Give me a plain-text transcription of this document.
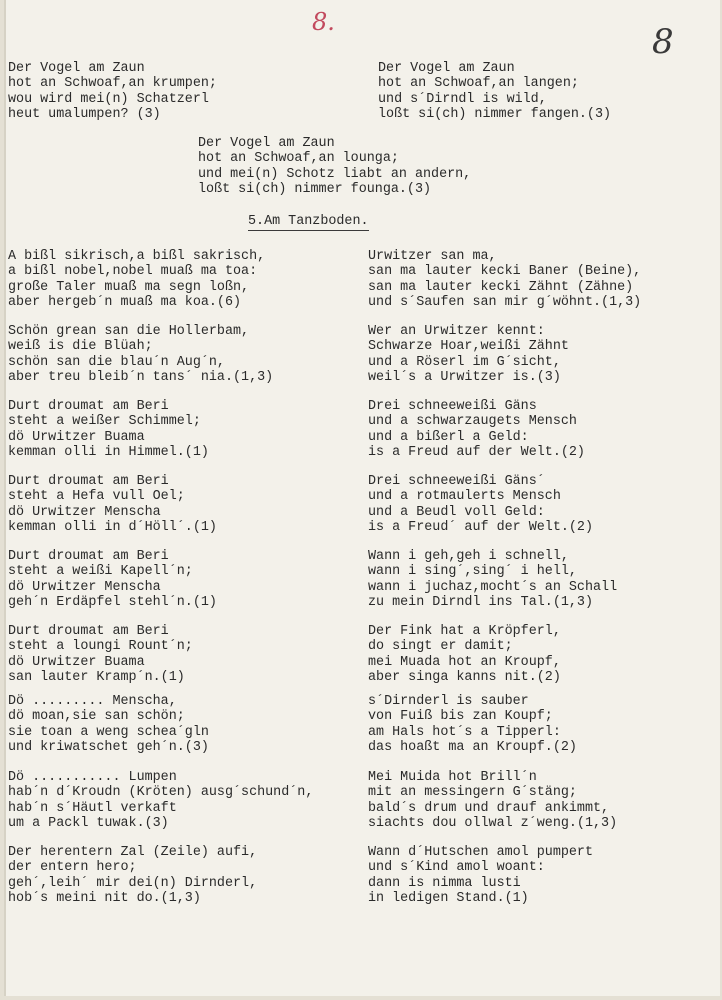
8.	8
Der Vogel am Zaun
hot an Schwoaf,an krumpen;
wou wird mei(n) Schatzerl
heut umalumpen? (3)
Der Vogel am Zaun
hot an Schwoaf,an langen;
und s´Dirndl is wild,
loßt si(ch) nimmer fangen.(3)
Der Vogel am Zaun
hot an Schwoaf,an lounga;
und mei(n) Schotz liabt an andern,
loßt si(ch) nimmer founga.(3)
5.Am Tanzboden.
A bißl sikrisch,a bißl sakrisch,
a bißl nobel,nobel muaß ma toa:
große Taler muaß ma segn loßn,
aber hergeb´n muaß ma koa.(6)
Schön grean san die Hollerbam,
weiß is die Blüah;
schön san die blau´n Aug´n,
aber treu bleib´n tans´ nia.(1,3)
Durt droumat am Beri
steht a weißer Schimmel;
dö Urwitzer Buama
kemman olli in Himmel.(1)
Durt droumat am Beri
steht a Hefa vull Oel;
dö Urwitzer Menscha
kemman olli in d´Höll´.(1)
Durt droumat am Beri
steht a weißi Kapell´n;
dö Urwitzer Menscha
geh´n Erdäpfel stehl´n.(1)
Durt droumat am Beri
steht a loungi Rount´n;
dö Urwitzer Buama
san lauter Kramp´n.(1)
Dö ......... Menscha,
dö moan,sie san schön;
sie toan a weng schea´gln
und kriwatschet geh´n.(3)
Dö ........... Lumpen
hab´n d´Kroudn (Kröten) ausg´schund´n,
hab´n s´Häutl verkaft
um a Packl tuwak.(3)
Der herentern Zal (Zeile) aufi,
der entern hero;
geh´,leih´ mir dei(n) Dirnderl,
hob´s meini nit do.(1,3)
Urwitzer san ma,
san ma lauter kecki Baner (Beine),
san ma lauter kecki Zähnt (Zähne)
und s´Saufen san mir g´wöhnt.(1,3)
Wer an Urwitzer kennt:
Schwarze Hoar,weißi Zähnt
und a Röserl im G´sicht,
weil´s a Urwitzer is.(3)
Drei schneeweißi Gäns
und a schwarzaugets Mensch
und a bißerl a Geld:
is a Freud auf der Welt.(2)
Drei schneeweißi Gäns´
und a rotmaulerts Mensch
und a Beudl voll Geld:
is a Freud´ auf der Welt.(2)
Wann i geh,geh i schnell,
wann i sing´,sing´ i hell,
wann i juchaz,mocht´s an Schall
zu mein Dirndl ins Tal.(1,3)
Der Fink hat a Kröpferl,
do singt er damit;
mei Muada hot an Kroupf,
aber singa kanns nit.(2)
s´Dirnderl is sauber
von Fuiß bis zan Koupf;
am Hals hot´s a Tipperl:
das hoaßt ma an Kroupf.(2)
Mei Muida hot Brill´n
mit an messingern G´stäng;
bald´s drum und drauf ankimmt,
siachts dou ollwal z´weng.(1,3)
Wann d´Hutschen amol pumpert
und s´Kind amol woant:
dann is nimma lusti
in ledigen Stand.(1)
